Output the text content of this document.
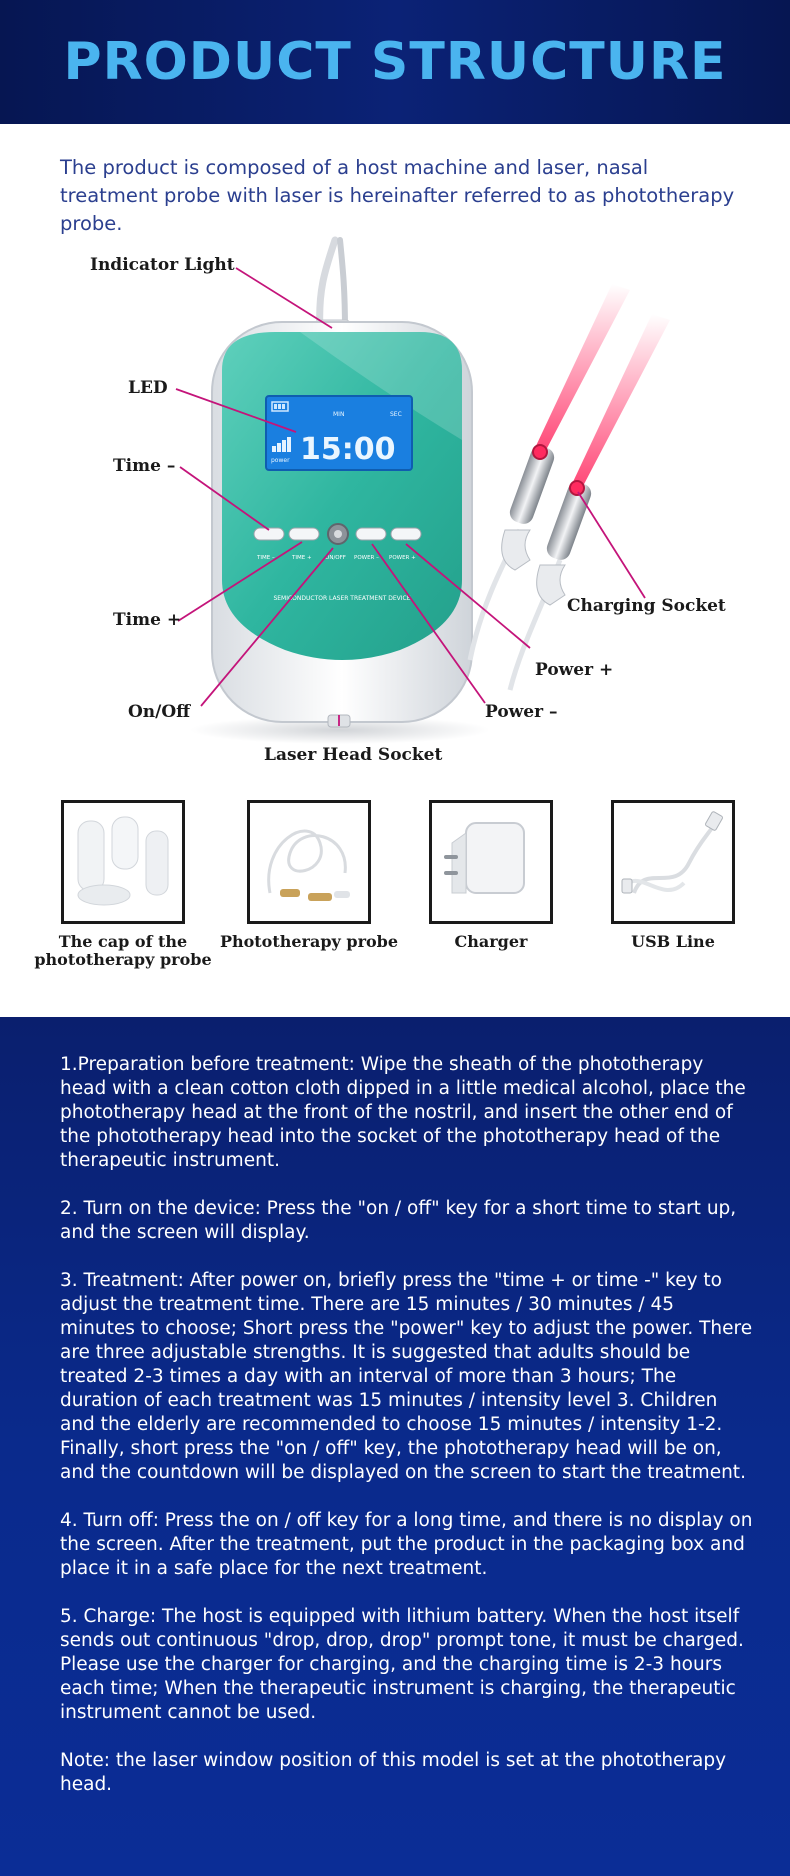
PRODUCT STRUCTURE
The product is composed of a host machine and laser, nasal treatment probe with laser is hereinafter referred to as phototherapy probe.
15:00
MIN	SEC
power
TIME –	TIME + ON/OFF POWER – POWER +
SEMICONDUCTOR LASER TREATMENT DEVICE
Indicator Light
LED
Time –
Time +
On/Off
Laser Head Socket
Power –
Power +
Charging Socket
The cap of the phototherapy probe
Phototherapy probe	Charger	USB Line

1.Preparation before treatment: Wipe the sheath of the phototherapy head with a clean cotton cloth dipped in a little medical alcohol, place the phototherapy head at the front of the nostril, and insert the other end of the phototherapy head into the socket of the phototherapy head of the therapeutic instrument.

2. Turn on the device: Press the "on / off" key for a short time to start up, and the screen will display.

3. Treatment: After power on, briefly press the "time + or time -" key to adjust the treatment time. There are 15 minutes / 30 minutes / 45 minutes to choose; Short press the "power" key to adjust the power. There are three adjustable strengths. It is suggested that adults should be treated 2-3 times a day with an interval of more than 3 hours; The duration of each treatment was 15 minutes / intensity level 3. Children and the elderly are recommended to choose 15 minutes / intensity 1-2. Finally, short press the "on / off" key, the phototherapy head will be on, and the countdown will be displayed on the screen to start the treatment.

4. Turn off: Press the on / off key for a long time, and there is no display on the screen. After the treatment, put the product in the packaging box and place it in a safe place for the next treatment.

5. Charge: The host is equipped with lithium battery. When the host itself sends out continuous "drop, drop, drop" prompt tone, it must be charged. Please use the charger for charging, and the charging time is 2-3 hours each time; When the therapeutic instrument is charging, the therapeutic instrument cannot be used.

Note: the laser window position of this model is set at the phototherapy head.
